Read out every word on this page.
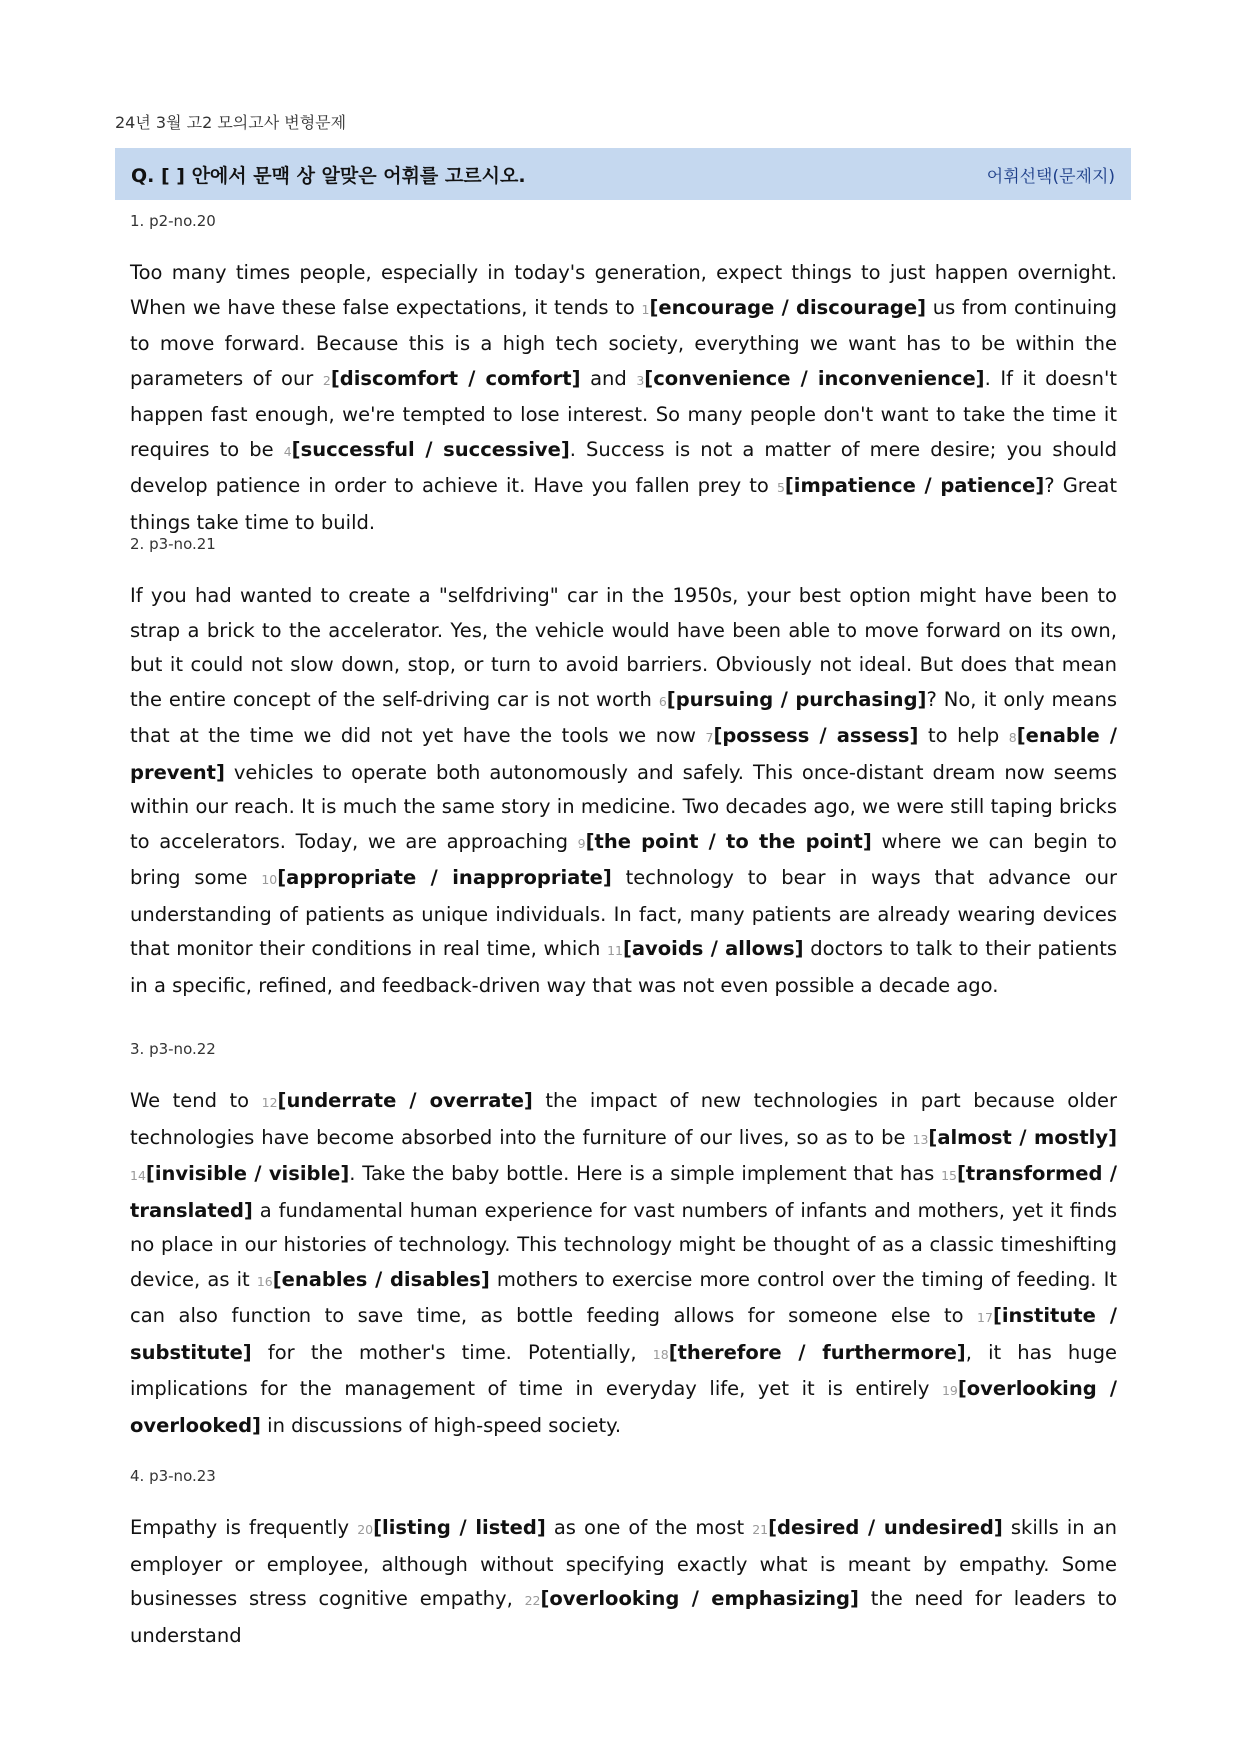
24년 3월 고2 모의고사 변형문제
Q. [ ] 안에서 문맥 상 알맞은 어휘를 고르시오.	어휘선택(문제지)

1. p2-no.20

Too many times people, especially in today's generation, expect things to just happen overnight. When we have these false expectations, it tends to 1[encourage / discourage] us from continuing to move forward. Because this is a high tech society, everything we want has to be within the parameters of our 2[discomfort / comfort] and 3[convenience / inconvenience]. If it doesn't happen fast enough, we're tempted to lose interest. So many people don't want to take the time it requires to be 4[successful / successive]. Success is not a matter of mere desire; you should develop patience in order to achieve it. Have you fallen prey to 5[impatience / patience]? Great things take time to build.

2. p3-no.21

If you had wanted to create a "selfdriving" car in the 1950s, your best option might have been to strap a brick to the accelerator. Yes, the vehicle would have been able to move forward on its own, but it could not slow down, stop, or turn to avoid barriers. Obviously not ideal. But does that mean the entire concept of the self-driving car is not worth 6[pursuing / purchasing]? No, it only means that at the time we did not yet have the tools we now 7[possess / assess] to help 8[enable / prevent] vehicles to operate both autonomously and safely. This once-distant dream now seems within our reach. It is much the same story in medicine. Two decades ago, we were still taping bricks to accelerators. Today, we are approaching 9[the point / to the point] where we can begin to bring some 10[appropriate / inappropriate] technology to bear in ways that advance our understanding of patients as unique individuals. In fact, many patients are already wearing devices that monitor their conditions in real time, which 11[avoids / allows] doctors to talk to their patients in a specific, refined, and feedback-driven way that was not even possible a decade ago.

3. p3-no.22

We tend to 12[underrate / overrate] the impact of new technologies in part because older technologies have become absorbed into the furniture of our lives, so as to be 13[almost / mostly] 14[invisible / visible]. Take the baby bottle. Here is a simple implement that has 15[transformed / translated] a fundamental human experience for vast numbers of infants and mothers, yet it finds no place in our histories of technology. This technology might be thought of as a classic timeshifting device, as it 16[enables / disables] mothers to exercise more control over the timing of feeding. It can also function to save time, as bottle feeding allows for someone else to 17[institute / substitute] for the mother's time. Potentially, 18[therefore / furthermore], it has huge implications for the management of time in everyday life, yet it is entirely 19[overlooking / overlooked] in discussions of high-speed society.

4. p3-no.23

Empathy is frequently 20[listing / listed] as one of the most 21[desired / undesired] skills in an employer or employee, although without specifying exactly what is meant by empathy. Some businesses stress cognitive empathy, 22[overlooking / emphasizing] the need for leaders to understand
